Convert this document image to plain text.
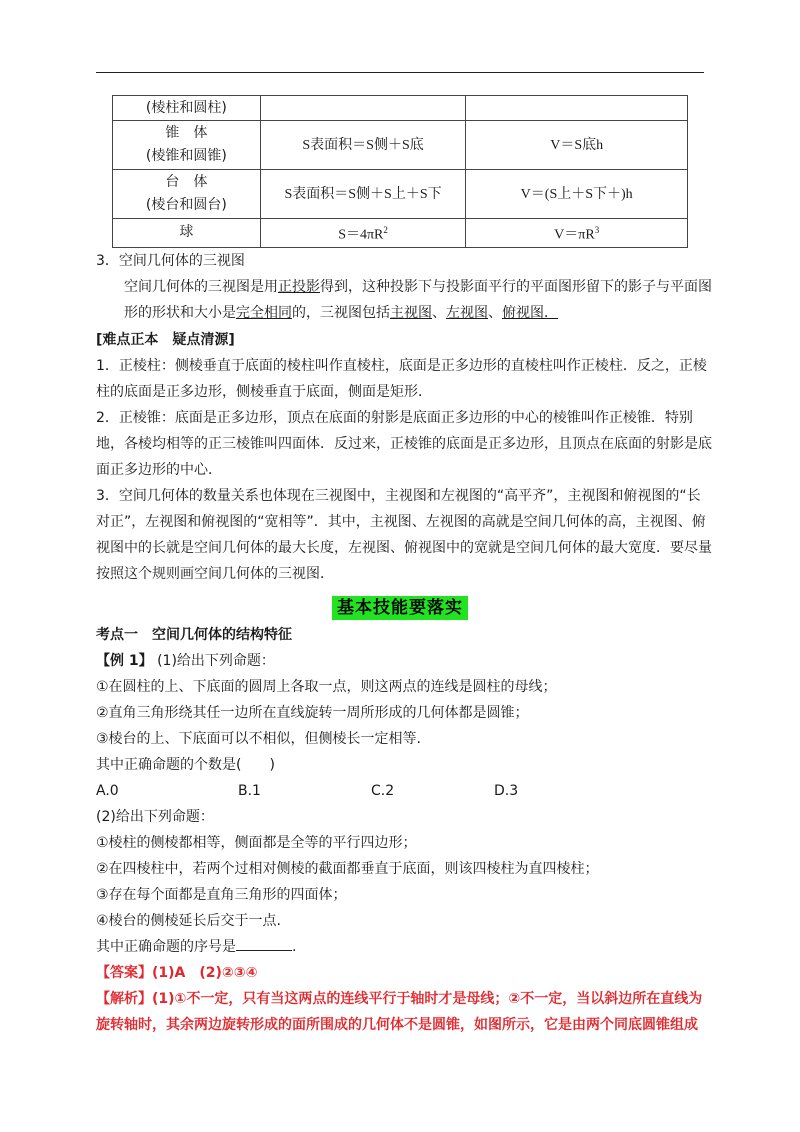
(棱柱和圆柱)		

锥　体
(棱锥和圆锥)	S表面积＝S侧＋S底	V＝S底h

台　体
(棱台和圆台)	S表面积＝S侧＋S上＋S下	V＝(S上＋S下＋)h
球	$S=4\pi R^2$	$V=\pi R^3$
3．空间几何体的三视图
空间几何体的三视图是用正投影得到，这种投影下与投影面平行的平面图形留下的影子与平面图形的形状和大小是完全相同的，三视图包括主视图、左视图、俯视图．
[难点正本　疑点清源]
1．正棱柱：侧棱垂直于底面的棱柱叫作直棱柱，底面是正多边形的直棱柱叫作正棱柱．反之，正棱柱的底面是正多边形，侧棱垂直于底面，侧面是矩形．
2．正棱锥：底面是正多边形，顶点在底面的射影是底面正多边形的中心的棱锥叫作正棱锥．特别地，各棱均相等的正三棱锥叫四面体．反过来，正棱锥的底面是正多边形，且顶点在底面的射影是底面正多边形的中心．
3．空间几何体的数量关系也体现在三视图中，主视图和左视图的“高平齐”，主视图和俯视图的“长对正”，左视图和俯视图的“宽相等”．其中，主视图、左视图的高就是空间几何体的高，主视图、俯视图中的长就是空间几何体的最大长度，左视图、俯视图中的宽就是空间几何体的最大宽度．要尽量按照这个规则画空间几何体的三视图．
基本技能要落实
考点一　空间几何体的结构特征
【例 1】 (1)给出下列命题：
①在圆柱的上、下底面的圆周上各取一点，则这两点的连线是圆柱的母线；
②直角三角形绕其任一边所在直线旋转一周所形成的几何体都是圆锥；
③棱台的上、下底面可以不相似，但侧棱长一定相等.
其中正确命题的个数是(　　)
A.0	B.1	C.2	D.3
(2)给出下列命题：
①棱柱的侧棱都相等，侧面都是全等的平行四边形；
②在四棱柱中，若两个过相对侧棱的截面都垂直于底面，则该四棱柱为直四棱柱；
③存在每个面都是直角三角形的四面体；
④棱台的侧棱延长后交于一点.
其中正确命题的序号是	.
【答案】(1)A　(2)②③④
【解析】(1)①不一定，只有当这两点的连线平行于轴时才是母线；②不一定，当以斜边所在直线为旋转轴时，其余两边旋转形成的面所围成的几何体不是圆锥，如图所示，它是由两个同底圆锥组成
